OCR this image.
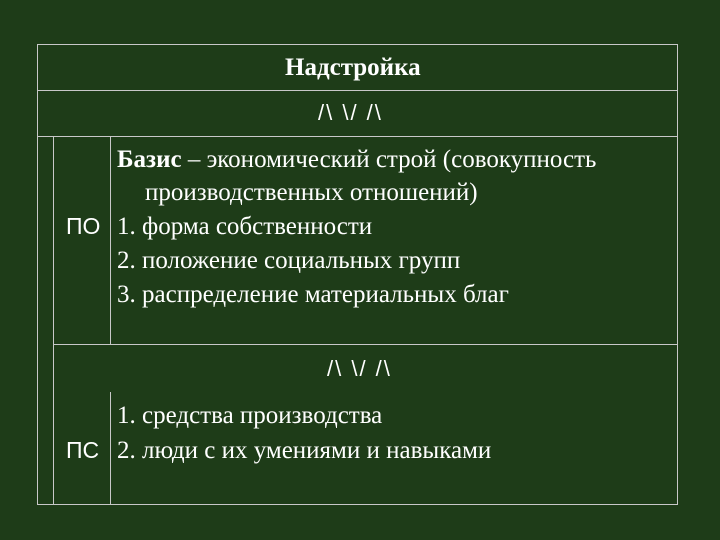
Надстройка
/\ \/ /\
Базис – экономический строй (совокупность
производственных отношений)
ПО 1. форма собственности
2. положение социальных групп
3. распределение материальных благ
/\ \/ /\
ПС
1. средства производства
2. люди с их умениями и навыками
